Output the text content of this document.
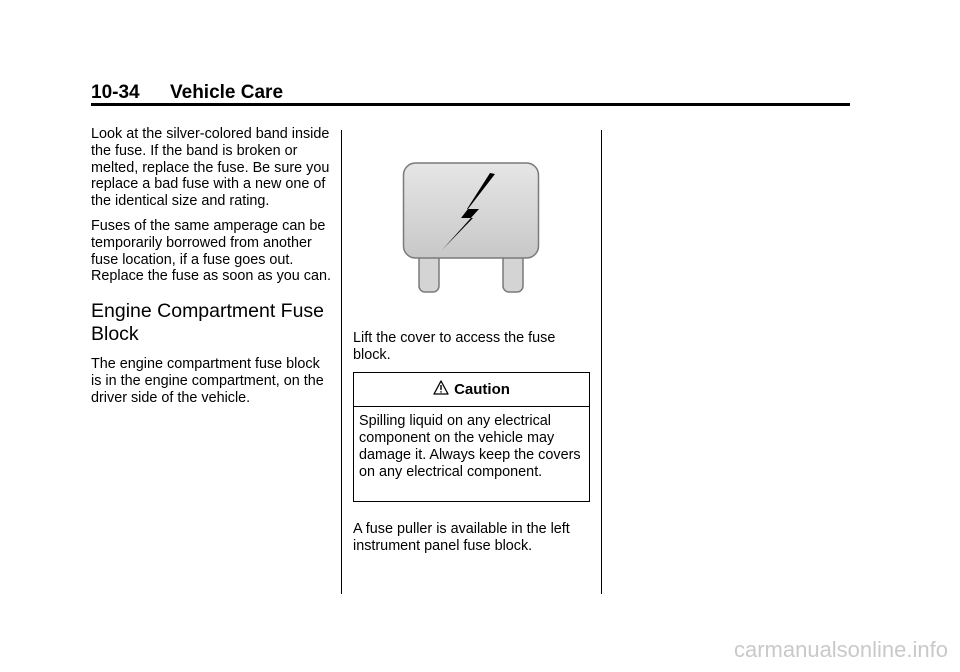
10-34 Vehicle Care

Look at the silver-colored band inside the fuse. If the band is broken or melted, replace the fuse. Be sure you replace a bad fuse with a new one of the identical size and rating.

Fuses of the same amperage can be temporarily borrowed from another fuse location, if a fuse goes out. Replace the fuse as soon as you can.

Engine Compartment Fuse Block

The engine compartment fuse block is in the engine compartment, on the driver side of the vehicle.

Lift the cover to access the fuse block.

Caution
Spilling liquid on any electrical component on the vehicle may damage it. Always keep the covers on any electrical component.

A fuse puller is available in the left instrument panel fuse block.

carmanualsonline.info
